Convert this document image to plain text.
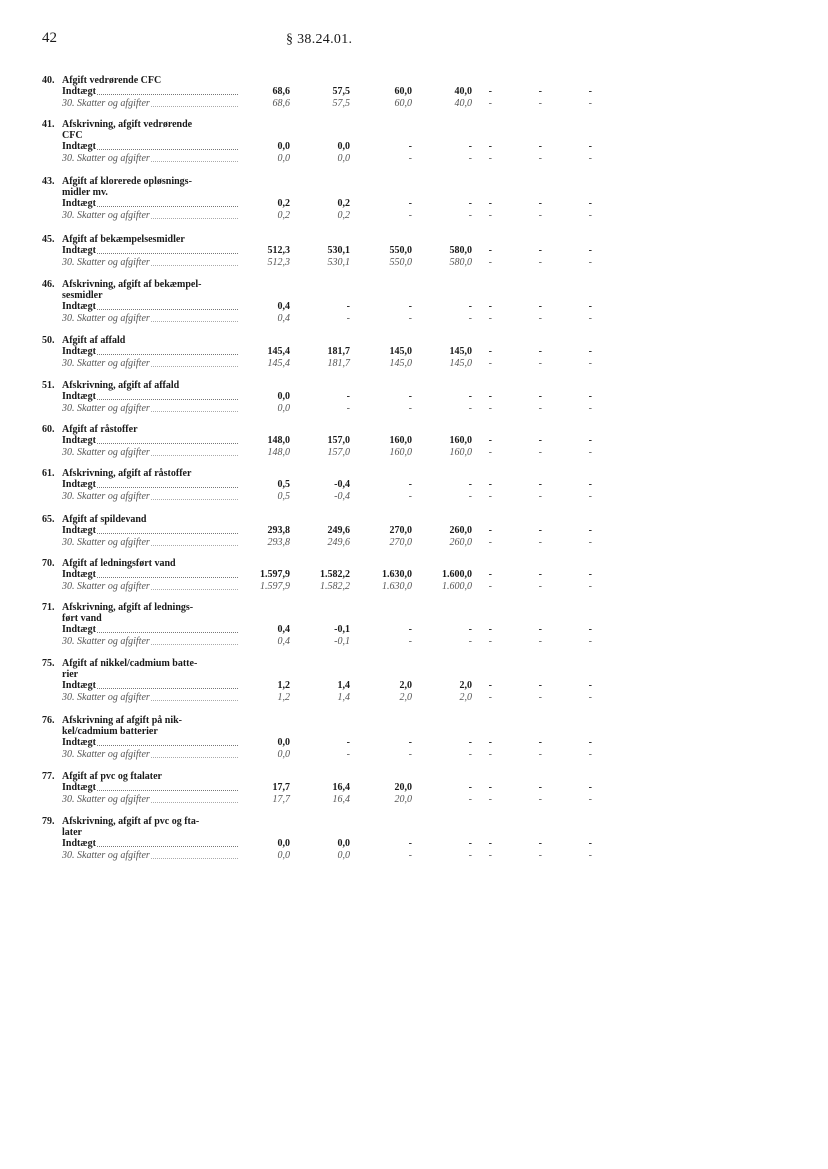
42	§ 38.24.01.
40. Afgift vedrørende CFC
Indtægt	68,6	57,5	60,0	40,0	-	-	-
30. Skatter og afgifter	68,6	57,5	60,0	40,0	-	-	-
41. Afskrivning, afgift vedrørende
CFC
Indtægt	0,0	0,0	-	-	-	-	-
30. Skatter og afgifter	0,0	0,0	-	-	-	-	-
43. Afgift af klorerede opløsnings-
midler mv.
Indtægt	0,2	0,2	-	-	-	-	-
30. Skatter og afgifter	0,2	0,2	-	-	-	-	-
45. Afgift af bekæmpelsesmidler
Indtægt	512,3	530,1	550,0	580,0	-	-	-
30. Skatter og afgifter	512,3	530,1	550,0	580,0	-	-	-
46. Afskrivning, afgift af bekæmpel-
sesmidler
Indtægt	0,4	-	-	-	-	-	-
30. Skatter og afgifter	0,4	-	-	-	-	-	-
50. Afgift af affald
Indtægt	145,4	181,7	145,0	145,0	-	-	-
30. Skatter og afgifter	145,4	181,7	145,0	145,0	-	-	-
51. Afskrivning, afgift af affald
Indtægt	0,0	-	-	-	-	-	-
30. Skatter og afgifter	0,0	-	-	-	-	-	-
60. Afgift af råstoffer
Indtægt	148,0	157,0	160,0	160,0	-	-	-
30. Skatter og afgifter	148,0	157,0	160,0	160,0	-	-	-
61. Afskrivning, afgift af råstoffer
Indtægt	0,5	-0,4	-	-	-	-	-
30. Skatter og afgifter	0,5	-0,4	-	-	-	-	-
65. Afgift af spildevand
Indtægt	293,8	249,6	270,0	260,0	-	-	-
30. Skatter og afgifter	293,8	249,6	270,0	260,0	-	-	-
70. Afgift af ledningsført vand
Indtægt	1.597,9	1.582,2	1.630,0	1.600,0	-	-	-
30. Skatter og afgifter	1.597,9	1.582,2	1.630,0	1.600,0	-	-	-
71. Afskrivning, afgift af lednings-
ført vand
Indtægt	0,4	-0,1	-	-	-	-	-
30. Skatter og afgifter	0,4	-0,1	-	-	-	-	-
75. Afgift af nikkel/cadmium batte-
rier
Indtægt	1,2	1,4	2,0	2,0	-	-	-
30. Skatter og afgifter	1,2	1,4	2,0	2,0	-	-	-
76. Afskrivning af afgift på nik-
kel/cadmium batterier
Indtægt	0,0	-	-	-	-	-	-
30. Skatter og afgifter	0,0	-	-	-	-	-	-
77. Afgift af pvc og ftalater
Indtægt	17,7	16,4	20,0	-	-	-	-
30. Skatter og afgifter	17,7	16,4	20,0	-	-	-	-
79. Afskrivning, afgift af pvc og fta-
later
Indtægt	0,0	0,0	-	-	-	-	-
30. Skatter og afgifter	0,0	0,0	-	-	-	-	-
